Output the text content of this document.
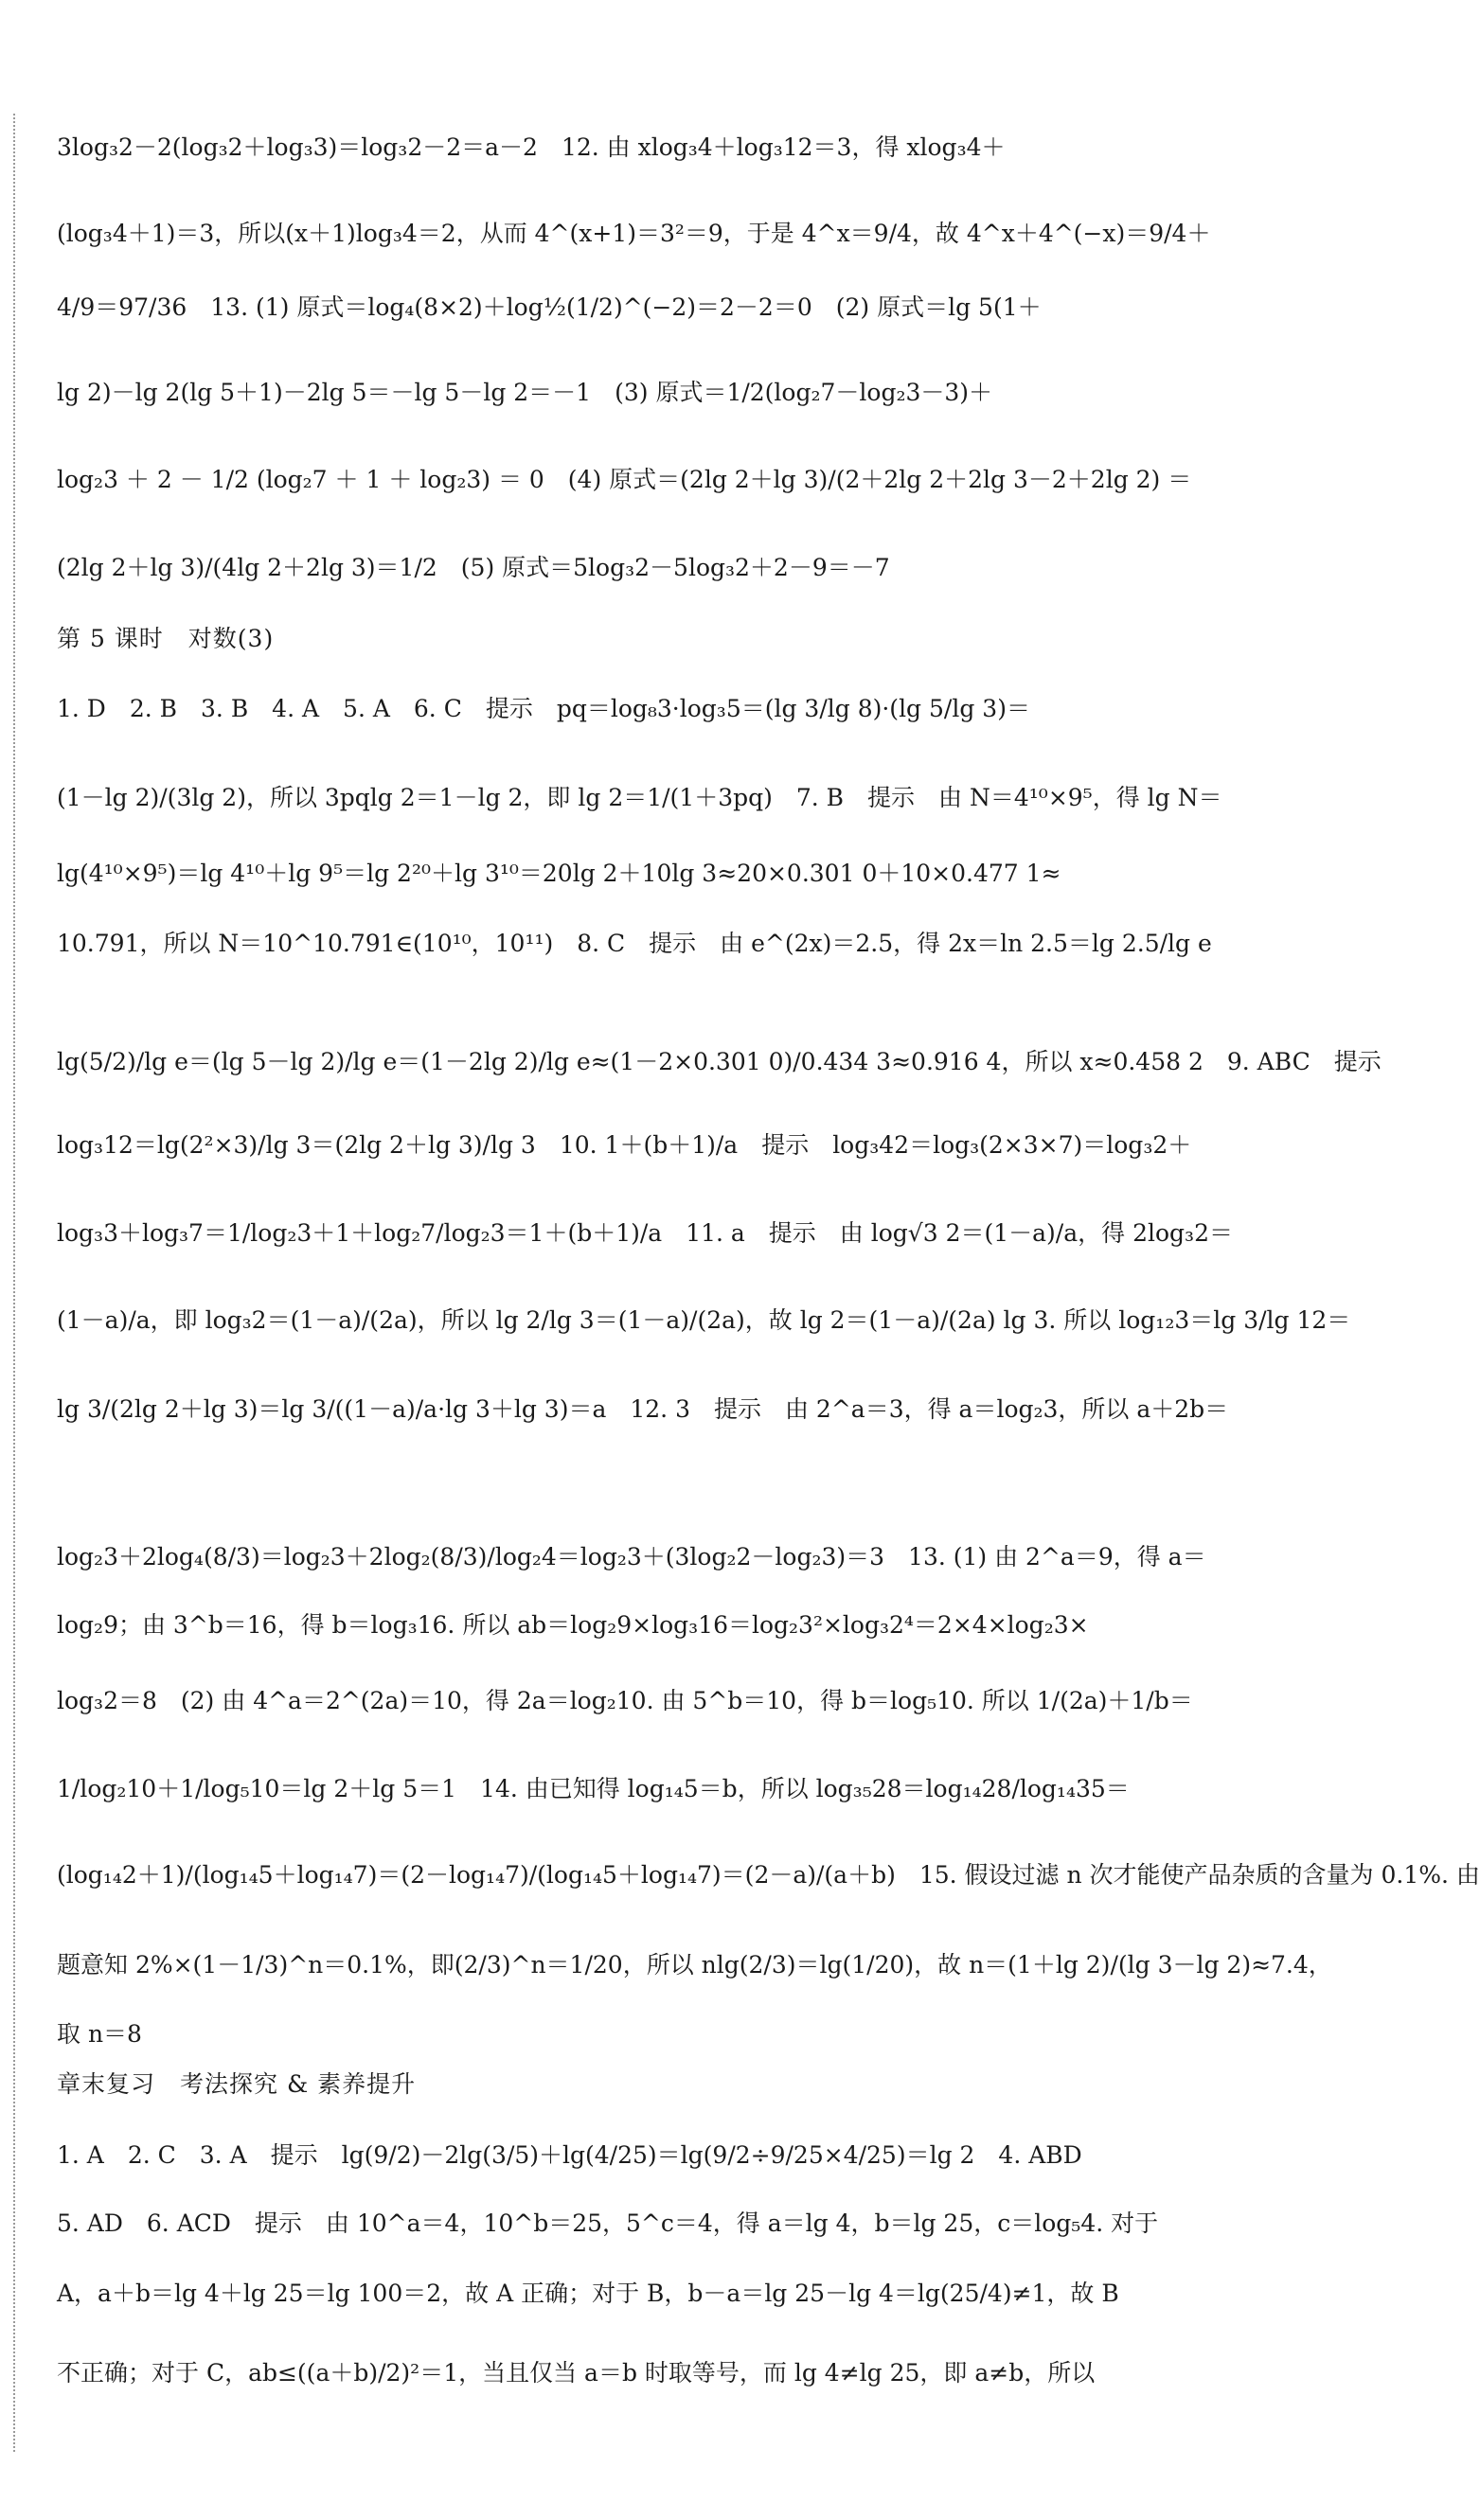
3log₃2－2(log₃2＋log₃3)＝log₃2－2＝a－2　12. 由 xlog₃4＋log₃12＝3，得 xlog₃4＋
(log₃4＋1)＝3，所以(x＋1)log₃4＝2，从而 4^(x+1)＝3²＝9，于是 4^x＝9/4，故 4^x＋4^(−x)＝9/4＋
4/9＝97/36　13. (1) 原式＝log₄(8×2)＋log½(1/2)^(−2)＝2－2＝0　(2) 原式＝lg 5(1＋
lg 2)－lg 2(lg 5＋1)－2lg 5＝－lg 5－lg 2＝－1　(3) 原式＝1/2(log₂7－log₂3－3)＋
log₂3 ＋ 2 － 1/2 (log₂7 ＋ 1 ＋ log₂3) ＝ 0　(4) 原式＝(2lg 2＋lg 3)/(2＋2lg 2＋2lg 3－2＋2lg 2) ＝
(2lg 2＋lg 3)/(4lg 2＋2lg 3)＝1/2　(5) 原式＝5log₃2－5log₃2＋2－9＝－7
第 5 课时　对数(3)
1. D　2. B　3. B　4. A　5. A　6. C　提示　pq＝log₈3·log₃5＝(lg 3/lg 8)·(lg 5/lg 3)＝
(1－lg 2)/(3lg 2)，所以 3pqlg 2＝1－lg 2，即 lg 2＝1/(1＋3pq)　7. B　提示　由 N＝4¹⁰×9⁵，得 lg N＝
lg(4¹⁰×9⁵)＝lg 4¹⁰＋lg 9⁵＝lg 2²⁰＋lg 3¹⁰＝20lg 2＋10lg 3≈20×0.301 0＋10×0.477 1≈
10.791，所以 N＝10^10.791∈(10¹⁰，10¹¹)　8. C　提示　由 e^(2x)＝2.5，得 2x＝ln 2.5＝lg 2.5/lg e
lg(5/2)/lg e＝(lg 5－lg 2)/lg e＝(1－2lg 2)/lg e≈(1－2×0.301 0)/0.434 3≈0.916 4，所以 x≈0.458 2　9. ABC　提示
log₃12＝lg(2²×3)/lg 3＝(2lg 2＋lg 3)/lg 3　10. 1＋(b＋1)/a　提示　log₃42＝log₃(2×3×7)＝log₃2＋
log₃3＋log₃7＝1/log₂3＋1＋log₂7/log₂3＝1＋(b＋1)/a　11. a　提示　由 log√3 2＝(1－a)/a，得 2log₃2＝
(1－a)/a，即 log₃2＝(1－a)/(2a)，所以 lg 2/lg 3＝(1－a)/(2a)，故 lg 2＝(1－a)/(2a) lg 3. 所以 log₁₂3＝lg 3/lg 12＝
lg 3/(2lg 2＋lg 3)＝lg 3/((1－a)/a·lg 3＋lg 3)＝a　12. 3　提示　由 2^a＝3，得 a＝log₂3，所以 a＋2b＝
log₂3＋2log₄(8/3)＝log₂3＋2log₂(8/3)/log₂4＝log₂3＋(3log₂2－log₂3)＝3　13. (1) 由 2^a＝9，得 a＝
log₂9；由 3^b＝16，得 b＝log₃16. 所以 ab＝log₂9×log₃16＝log₂3²×log₃2⁴＝2×4×log₂3×
log₃2＝8　(2) 由 4^a＝2^(2a)＝10，得 2a＝log₂10. 由 5^b＝10，得 b＝log₅10. 所以 1/(2a)＋1/b＝
1/log₂10＋1/log₅10＝lg 2＋lg 5＝1　14. 由已知得 log₁₄5＝b，所以 log₃₅28＝log₁₄28/log₁₄35＝
(log₁₄2＋1)/(log₁₄5＋log₁₄7)＝(2－log₁₄7)/(log₁₄5＋log₁₄7)＝(2－a)/(a＋b)　15. 假设过滤 n 次才能使产品杂质的含量为 0.1%. 由
题意知 2%×(1－1/3)^n＝0.1%，即(2/3)^n＝1/20，所以 nlg(2/3)＝lg(1/20)，故 n＝(1＋lg 2)/(lg 3－lg 2)≈7.4，
取 n＝8
章末复习　考法探究 & 素养提升
1. A　2. C　3. A　提示　lg(9/2)－2lg(3/5)＋lg(4/25)＝lg(9/2÷9/25×4/25)＝lg 2　4. ABD
5. AD　6. ACD　提示　由 10^a＝4，10^b＝25，5^c＝4，得 a＝lg 4，b＝lg 25，c＝log₅4. 对于
A，a＋b＝lg 4＋lg 25＝lg 100＝2，故 A 正确；对于 B，b－a＝lg 25－lg 4＝lg(25/4)≠1，故 B
不正确；对于 C，ab≤((a＋b)/2)²＝1，当且仅当 a＝b 时取等号，而 lg 4≠lg 25，即 a≠b，所以
